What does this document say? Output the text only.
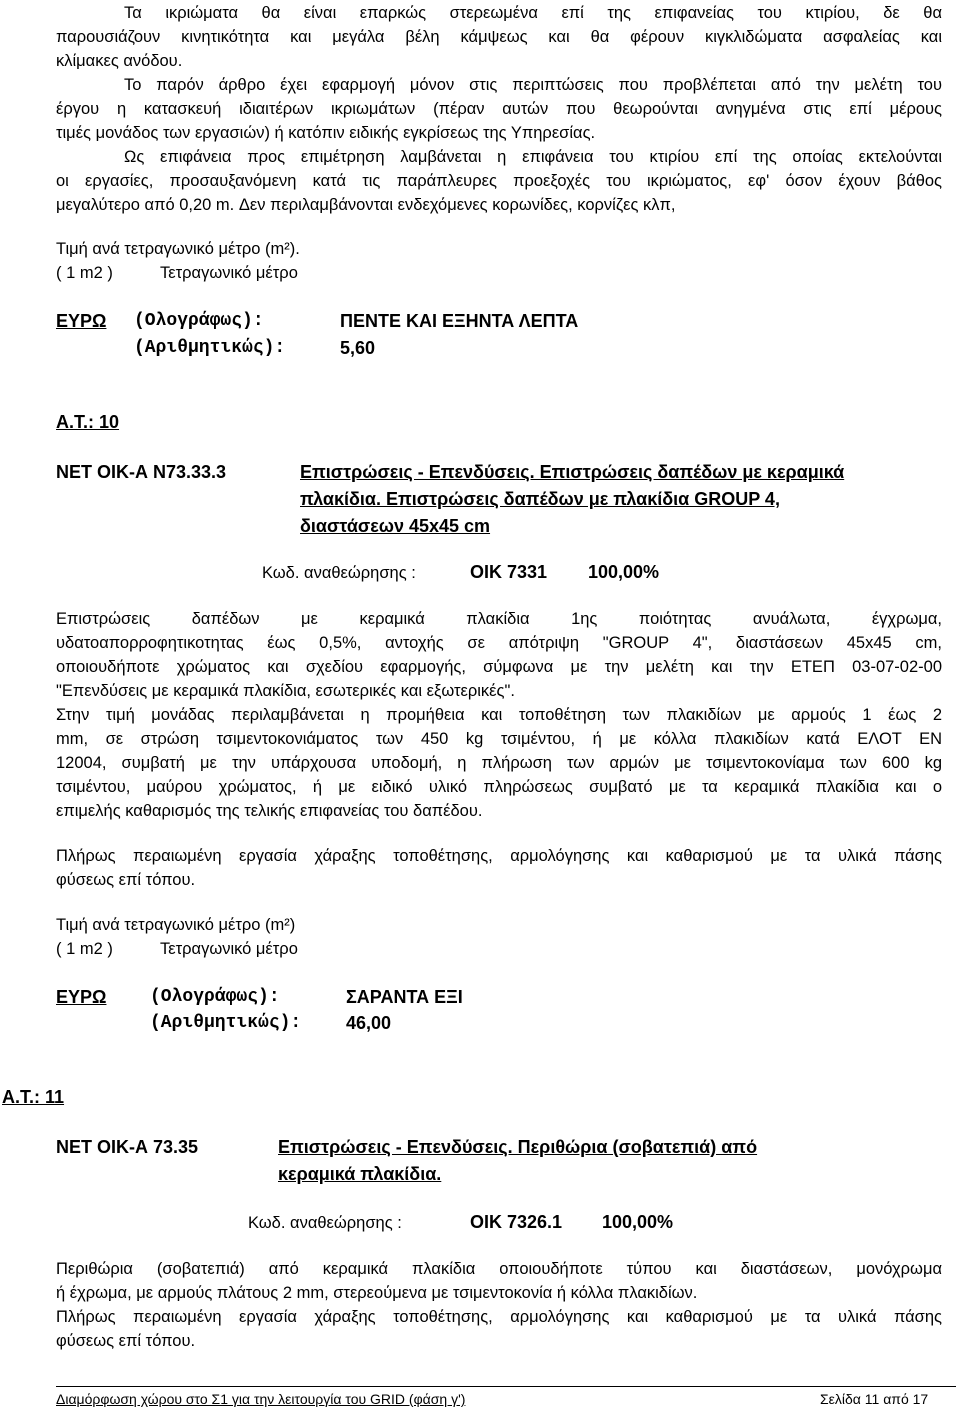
Τα ικριώματα θα είναι επαρκώς στερεωμένα επί της επιφανείας του κτιρίου, δε θα
παρουσιάζουν κινητικότητα και μεγάλα βέλη κάμψεως και θα φέρουν κιγκλιδώματα ασφαλείας και
κλίμακες ανόδου.
Το παρόν άρθρο έχει εφαρμογή μόνον στις περιπτώσεις που προβλέπεται από την μελέτη του
έργου η κατασκευή ιδιαιτέρων ικριωμάτων (πέραν αυτών που θεωρούνται ανηγμένα στις επί μέρους
τιμές μονάδος των εργασιών) ή κατόπιν ειδικής εγκρίσεως της Υπηρεσίας.
Ως επιφάνεια προς επιμέτρηση λαμβάνεται η επιφάνεια του κτιρίου επί της οποίας εκτελούνται
οι εργασίες, προσαυξανόμενη κατά τις παράπλευρες προεξοχές του ικριώματος, εφ' όσον έχουν βάθος
μεγαλύτερο από 0,20 m. Δεν περιλαμβάνονται ενδεχόμενες κορωνίδες, κορνίζες κλπ,
Τιμή ανά τετραγωνικό μέτρο (m²).
( 1 m2 )	Τετραγωνικό μέτρο
ΕΥΡΩ (Ολογράφως):	ΠΕΝΤΕ ΚΑΙ ΕΞΗΝΤΑ ΛΕΠΤΑ
(Αριθμητικώς):	5,60
Α.Τ.: 10
ΝΕΤ ΟΙΚ-Α Ν73.33.3	Επιστρώσεις - Επενδύσεις. Επιστρώσεις δαπέδων με κεραμικά
πλακίδια. Επιστρώσεις δαπέδων με πλακίδια GROUP 4,
διαστάσεων 45x45 cm
Κωδ. αναθεώρησης :	ΟΙΚ 7331 100,00%
Επιστρώσεις δαπέδων με κεραμικά πλακίδια 1ης ποιότητας ανυάλωτα, έγχρωμα,
υδατοαπορροφητικοτητας έως 0,5%, αντοχής σε απότριψη "GROUP 4", διαστάσεων 45x45 cm,
οποιουδήποτε χρώματος και σχεδίου εφαρμογής, σύμφωνα με την μελέτη και την ΕΤΕΠ 03-07-02-00
"Επενδύσεις με κεραμικά πλακίδια, εσωτερικές και εξωτερικές".
Στην τιμή μονάδας περιλαμβάνεται η προμήθεια και τοποθέτηση των πλακιδίων με αρμούς 1 έως 2
mm, σε στρώση τσιμεντοκονιάματος των 450 kg τσιμέντου, ή με κόλλα πλακιδίων κατά ΕΛΟΤ ΕΝ
12004, συμβατή με την υπάρχουσα υποδομή, η πλήρωση των αρμών με τσιμεντοκονίαμα των 600 kg
τσιμέντου, μαύρου χρώματος, ή με ειδικό υλικό πληρώσεως συμβατό με τα κεραμικά πλακίδια και ο
επιμελής καθαρισμός της τελικής επιφανείας του δαπέδου.
Πλήρως περαιωμένη εργασία χάραξης τοποθέτησης, αρμολόγησης και καθαρισμού με τα υλικά πάσης
φύσεως επί τόπου.
Τιμή ανά τετραγωνικό μέτρο (m²)
( 1 m2 )	Τετραγωνικό μέτρο
ΕΥΡΩ (Ολογράφως):	ΣΑΡΑΝΤΑ ΕΞΙ
(Αριθμητικώς): 46,00
Α.Τ.: 11
ΝΕΤ ΟΙΚ-Α 73.35	Επιστρώσεις - Επενδύσεις. Περιθώρια (σοβατεπιά) από
κεραμικά πλακίδια.
Κωδ. αναθεώρησης :	ΟΙΚ 7326.1 100,00%
Περιθώρια (σοβατεπιά) από κεραμικά πλακίδια οποιουδήποτε τύπου και διαστάσεων, μονόχρωμα
ή έχρωμα, με αρμούς πλάτους 2 mm, στερεούμενα με τσιμεντοκονία ή κόλλα πλακιδίων.
Πλήρως περαιωμένη εργασία χάραξης τοποθέτησης, αρμολόγησης και καθαρισμού με τα υλικά πάσης
φύσεως επί τόπου.
Διαμόρφωση χώρου στο Σ1 για την λειτουργία του GRID (φάση γ')	Σελίδα 11 από 17
